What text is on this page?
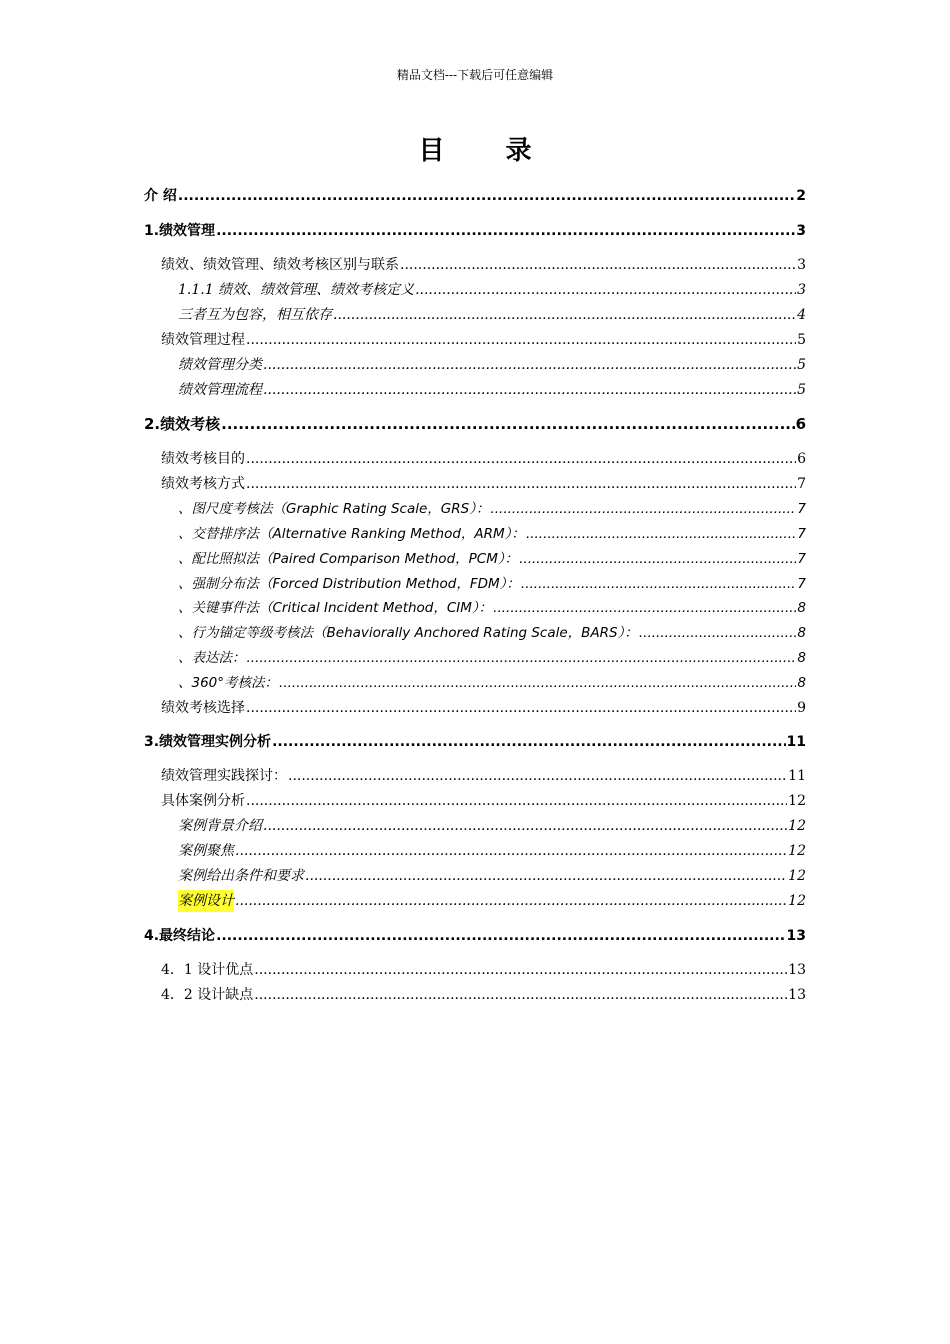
精品文档---下载后可任意编辑
目 录
介 绍 .....	2
1.绩效管理 .....	3
绩效、绩效管理、绩效考核区别与联系 .....	3
1.1.1 绩效、绩效管理、绩效考核定义 .....	3
三者互为包容，相互依存 .....	4
绩效管理过程 .....	5
绩效管理分类 .....	5
绩效管理流程 .....	5
2.绩效考核 .....	6
绩效考核目的 .....	6
绩效考核方式 .....	7
、图尺度考核法（Graphic Rating Scale，GRS）： .....	7
、交替排序法（Alternative Ranking Method，ARM）： .....	7
、配比照拟法（Paired Comparison Method，PCM）： .....	7
、强制分布法（Forced Distribution Method，FDM）： .....	7
、关键事件法（Critical Incident Method，CIM）： .....	8
、行为锚定等级考核法（Behaviorally Anchored Rating Scale，BARS）： .....	8
、表达法： .....	8
、360°考核法： .....	8
绩效考核选择 .....	9
3.绩效管理实例分析 .....	11
绩效管理实践探讨： .....	11
具体案例分析 .....	12
案例背景介绍 .....	12
案例聚焦 .....	12
案例给出条件和要求 .....	12
案例设计 .....	12
4.最终结论 .....	13
4．1 设计优点 .....	13
4．2 设计缺点 .....	13
